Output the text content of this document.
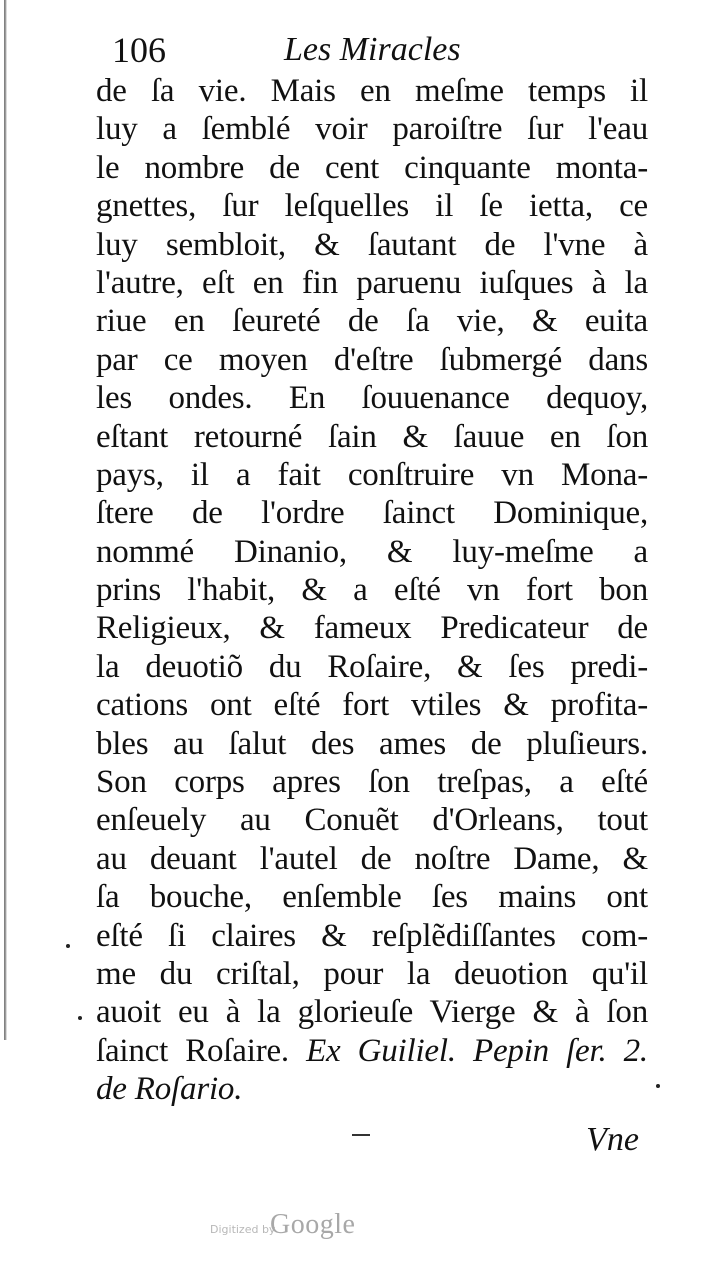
106	Les Miracles
de ſa vie. Mais en meſme temps il
luy a ſemblé voir paroiſtre ſur l'eau
le nombre de cent cinquante monta-
gnettes, ſur leſquelles il ſe ietta, ce
luy sembloit, & ſautant de l'vne à
l'autre, eſt en fin paruenu iuſques à la
riue en ſeureté de ſa vie, & euita
par ce moyen d'eſtre ſubmergé dans
les ondes. En ſouuenance dequoy,
eſtant retourné ſain & ſauue en ſon
pays, il a fait conſtruire vn Mona-
ſtere de l'ordre ſainct Dominique,
nommé Dinanio, & luy-meſme a
prins l'habit, & a eſté vn fort bon
Religieux, & fameux Predicateur de
la deuotiõ du Roſaire, & ſes predi-
cations ont eſté fort vtiles & profita-
bles au ſalut des ames de pluſieurs.
Son corps apres ſon treſpas, a eſté
enſeuely au Conuẽt d'Orleans, tout
au deuant l'autel de noſtre Dame, &
ſa bouche, enſemble ſes mains ont
eſté ſi claires & reſplẽdiſſantes com-
me du criſtal, pour la deuotion qu'il
auoit eu à la glorieuſe Vierge & à ſon
ſainct Roſaire. Ex Guiliel. Pepin ſer. 2.
de Roſario.
Vne
Digitized by
Google
